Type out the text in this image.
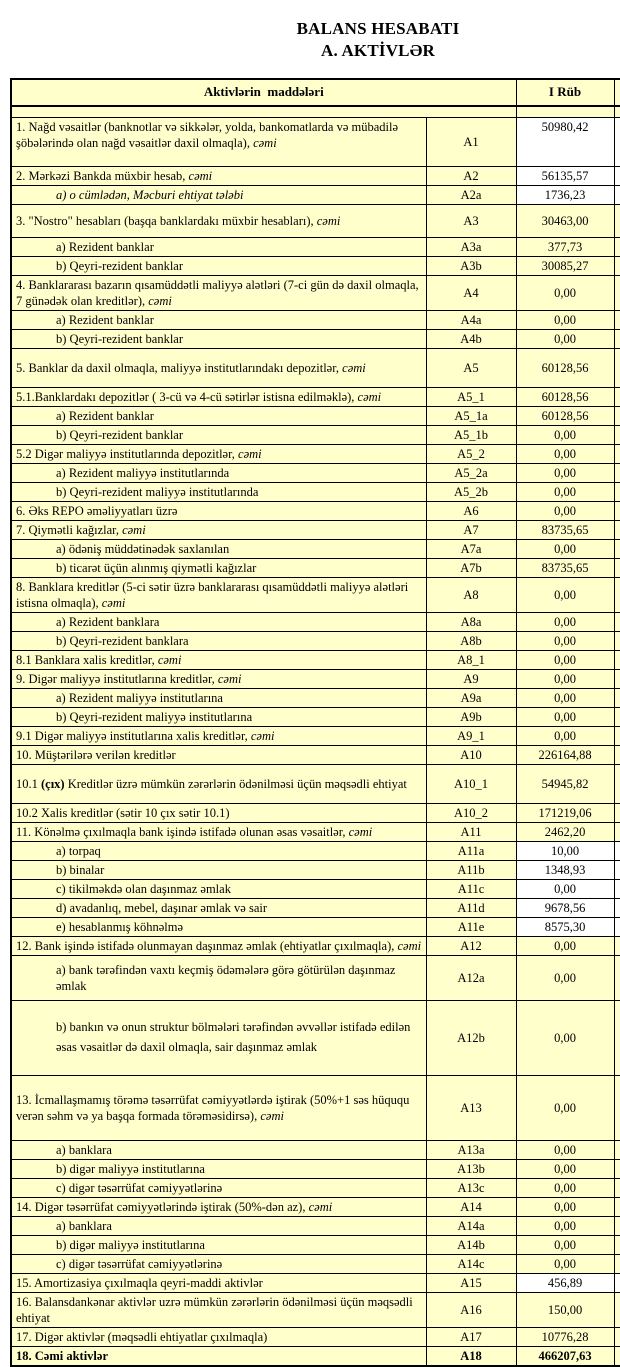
BALANS HESABATI
A. AKTİVLƏR
Aktivlərin  maddələri		I Rüb	

1. Nağd vəsaitlər (banknotlar və sikkələr, yolda, bankomatlarda və mübadilə şöbələrində olan nağd vəsaitlər daxil olmaqla), cəmi	A1	50980,42	
2. Mərkəzi Bankda müxbir hesab, cəmi	A2	56135,57	
a) o cümlədən, Məcburi ehtiyat tələbi	A2a	1736,23	
3. "Nostro" hesabları (başqa banklardakı müxbir hesabları), cəmi	A3	30463,00	
a) Rezident banklar	A3a	377,73	
b) Qeyri-rezident banklar	A3b	30085,27	
4. Banklararası bazarın qısamüddətli maliyyə alətləri (7-ci gün də daxil olmaqla, 7 günədək olan kreditlər), cəmi	A4	0,00	
a) Rezident banklar	A4a	0,00	
b) Qeyri-rezident banklar	A4b	0,00	
5. Banklar da daxil olmaqla, maliyyə institutlarındakı depozitlər, cəmi	A5	60128,56	
5.1.Banklardakı depozitlər ( 3-cü və 4-cü sətirlər istisna edilməklə), cəmi	A5_1	60128,56	
a) Rezident banklar	A5_1a	60128,56	
b) Qeyri-rezident banklar	A5_1b	0,00	
5.2 Digər maliyyə institutlarında depozitlər, cəmi	A5_2	0,00	
a) Rezident maliyyə institutlarında	A5_2a	0,00	
b) Qeyri-rezident maliyyə institutlarında	A5_2b	0,00	
6. Əks REPO əməliyyatları üzrə	A6	0,00	
7. Qiymətli kağızlar, cəmi	A7	83735,65	
a) ödəniş müddətinədək saxlanılan	A7a	0,00	
b) ticarət üçün alınmış qiymətli kağızlar	A7b	83735,65	
8. Banklara kreditlər (5-ci sətir üzrə banklararası qısamüddətli maliyyə alətləri istisna olmaqla), cəmi	A8	0,00	
a) Rezident banklara	A8a	0,00	
b) Qeyri-rezident banklara	A8b	0,00	
8.1 Banklara xalis kreditlər, cəmi	A8_1	0,00	
9. Digər maliyyə institutlarına kreditlər, cəmi	A9	0,00	
a) Rezident maliyyə institutlarına	A9a	0,00	
b) Qeyri-rezident maliyyə institutlarına	A9b	0,00	
9.1 Digər maliyyə institutlarına xalis kreditlər, cəmi	A9_1	0,00	
10. Müştərilərə verilən kreditlər	A10	226164,88	
10.1 (çıx) Kreditlər üzrə mümkün zərərlərin ödənilməsi üçün məqsədli ehtiyat	A10_1	54945,82	
10.2 Xalis kreditlər (sətir 10 çıx sətir 10.1)	A10_2	171219,06	
11. Könəlmə çıxılmaqla bank işində istifadə olunan əsas vəsaitlər, cəmi	A11	2462,20	
a) torpaq	A11a	10,00	
b) binalar	A11b	1348,93	
c) tikilməkdə olan daşınmaz əmlak	A11c	0,00	
d) avadanlıq, mebel, daşınar əmlak və sair	A11d	9678,56	
e) hesablanmış köhnəlmə	A11e	8575,30	
12. Bank işində istifadə olunmayan daşınmaz əmlak (ehtiyatlar çıxılmaqla), cəmi	A12	0,00	
a) bank tərəfindən vaxtı keçmiş ödəmələrə görə götürülən daşınmaz əmlak	A12a	0,00	
b) bankın və onun struktur bölmələri tərəfindən əvvəllər istifadə edilən əsas vəsaitlər də daxil olmaqla, sair daşınmaz əmlak	A12b	0,00	
13. İcmallaşmamış törəmə təsərrüfat cəmiyyətlərdə iştirak (50%+1 səs hüququ verən səhm və ya başqa formada törəməsidirsə), cəmi	A13	0,00	
a) banklara	A13a	0,00	
b) digər maliyyə institutlarına	A13b	0,00	
c) digər təsərrüfat cəmiyyətlərinə	A13c	0,00	
14. Digər təsərrüfat cəmiyyətlərində iştirak (50%-dən az), cəmi	A14	0,00	
a) banklara	A14a	0,00	
b) digər maliyyə institutlarına	A14b	0,00	
c) digər təsərrüfat cəmiyyətlərinə	A14c	0,00	
15. Amortizasiya çıxılmaqla qeyri-maddi aktivlər	A15	456,89	
16. Balansdankənar aktivlər uzrə mümkün zərərlərin ödənilməsi üçün məqsədli ehtiyat	A16	150,00	
17. Digər aktivlər (məqsədli ehtiyatlar çıxılmaqla)	A17	10776,28	
18. Cəmi aktivlər	A18	466207,63	
